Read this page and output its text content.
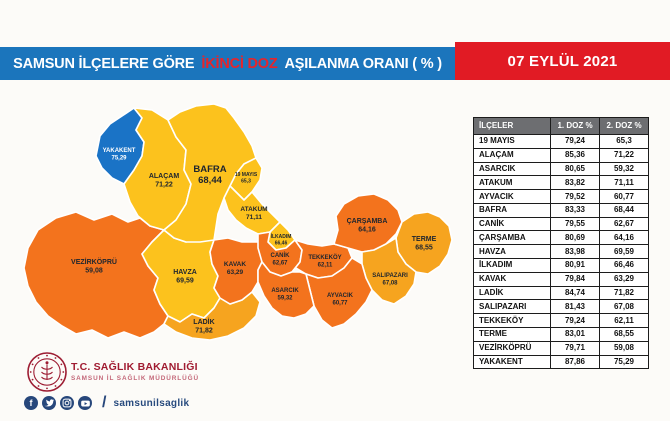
SAMSUN İLÇELERE GÖRE İKİNCİ DOZ AŞILANMA ORANI ( % )	07 EYLÜL 2021
VEZİRKÖPRÜ 59,08	HAVZA 69,59
LADİK 71,82
KAVAK 63,29
YAKAKENT 75,29
ALAÇAM 71,22
BAFRA 68,44	19 MAYIS 65,3
ATAKUM 71,11
İLKADIM 66,46
CANİK 62,67
TEKKEKÖY 62,11
ÇARŞAMBA 64,16
TERME 68,55
SALIPAZARI 67,08
AYVACIK 60,77
ASARCIK 59,32
İLÇELER	1. DOZ %	2. DOZ %
19 MAYIS	79,24	65,3
ALAÇAM	85,36	71,22
ASARCIK	80,65	59,32
ATAKUM	83,82	71,11
AYVACIK	79,52	60,77
BAFRA	83,33	68,44
CANİK	79,55	62,67
ÇARŞAMBA	80,69	64,16
HAVZA	83,98	69,59
İLKADIM	80,91	66,46
KAVAK	79,84	63,29
LADİK	84,74	71,82
SALIPAZARI	81,43	67,08
TEKKEKÖY	79,24	62,11
TERME	83,01	68,55
VEZİRKÖPRÜ	79,71	59,08
YAKAKENT	87,86	75,29
T.C. SAĞLIK BAKANLIĞI
SAMSUN İL SAĞLIK MÜDÜRLÜĞÜ
f	/ samsunilsaglik
